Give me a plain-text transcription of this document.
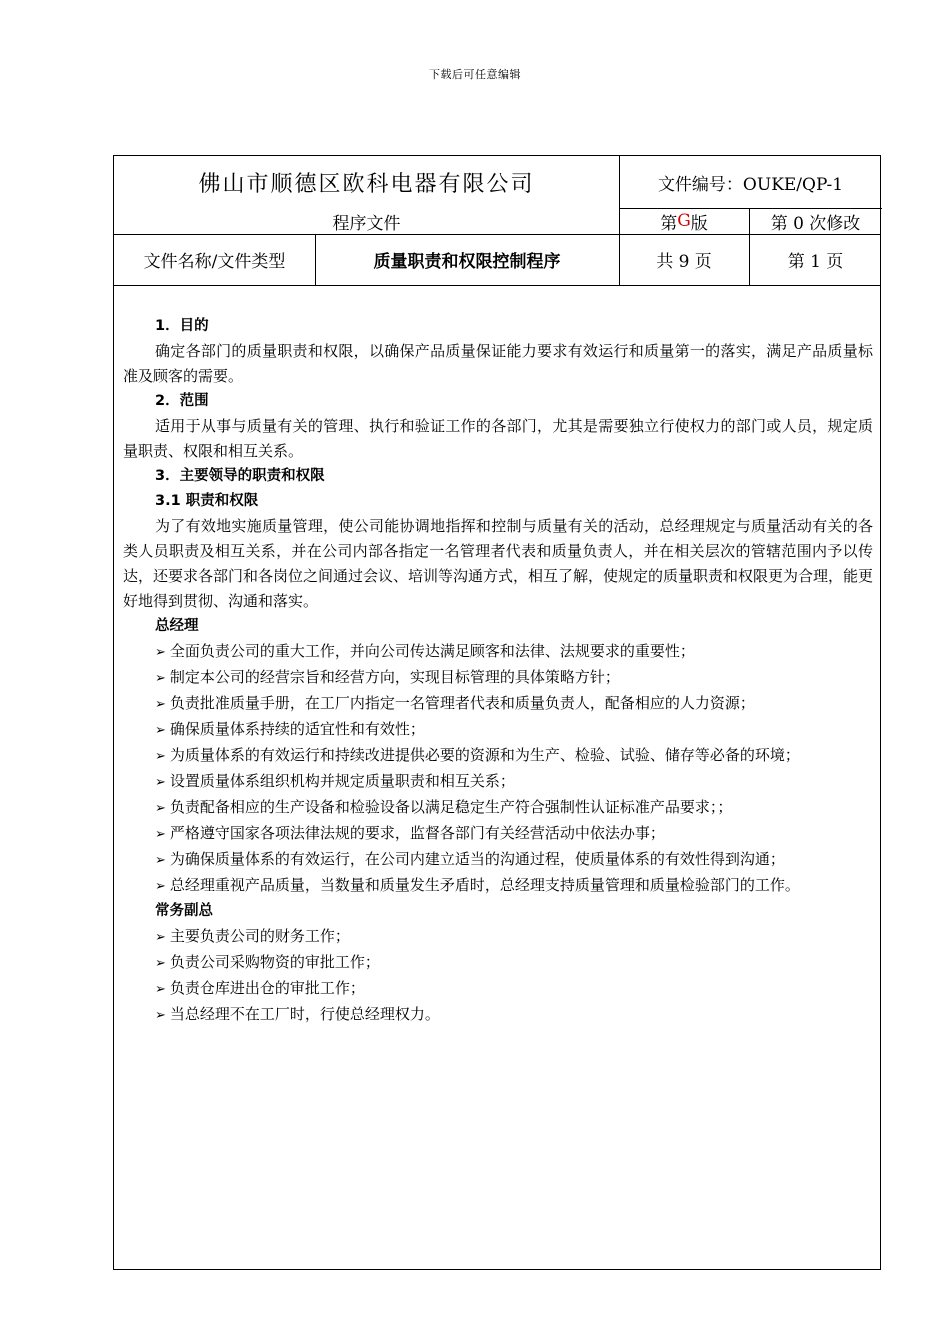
下载后可任意编辑
佛山市顺德区欧科电器有限公司	文件编号：OUKE/QP-1
程序文件	第 G 版	第 0 次修改
文件名称/文件类型	质量职责和权限控制程序	共 9 页	第 1 页

1．目的

确定各部门的质量职责和权限，以确保产品质量保证能力要求有效运行和质量第一的落实，满足产品质量标准及顾客的需要。

2．范围

适用于从事与质量有关的管理、执行和验证工作的各部门，尤其是需要独立行使权力的部门或人员，规定质量职责、权限和相互关系。

3．主要领导的职责和权限

3.1 职责和权限

为了有效地实施质量管理，使公司能协调地指挥和控制与质量有关的活动，总经理规定与质量活动有关的各类人员职责及相互关系，并在公司内部各指定一名管理者代表和质量负责人，并在相关层次的管辖范围内予以传达，还要求各部门和各岗位之间通过会议、培训等沟通方式，相互了解，使规定的质量职责和权限更为合理，能更好地得到贯彻、沟通和落实。

总经理

➢ 全面负责公司的重大工作，并向公司传达满足顾客和法律、法规要求的重要性；

➢ 制定本公司的经营宗旨和经营方向，实现目标管理的具体策略方针；

➢ 负责批准质量手册，在工厂内指定一名管理者代表和质量负责人，配备相应的人力资源；

➢ 确保质量体系持续的适宜性和有效性；

➢ 为质量体系的有效运行和持续改进提供必要的资源和为生产、检验、试验、储存等必备的环境；

➢ 设置质量体系组织机构并规定质量职责和相互关系；

➢ 负责配备相应的生产设备和检验设备以满足稳定生产符合强制性认证标准产品要求；；

➢ 严格遵守国家各项法律法规的要求，监督各部门有关经营活动中依法办事；

➢ 为确保质量体系的有效运行，在公司内建立适当的沟通过程，使质量体系的有效性得到沟通；

➢ 总经理重视产品质量，当数量和质量发生矛盾时，总经理支持质量管理和质量检验部门的工作。

常务副总

➢ 主要负责公司的财务工作；

➢ 负责公司采购物资的审批工作；

➢ 负责仓库进出仓的审批工作；

➢ 当总经理不在工厂时，行使总经理权力。
